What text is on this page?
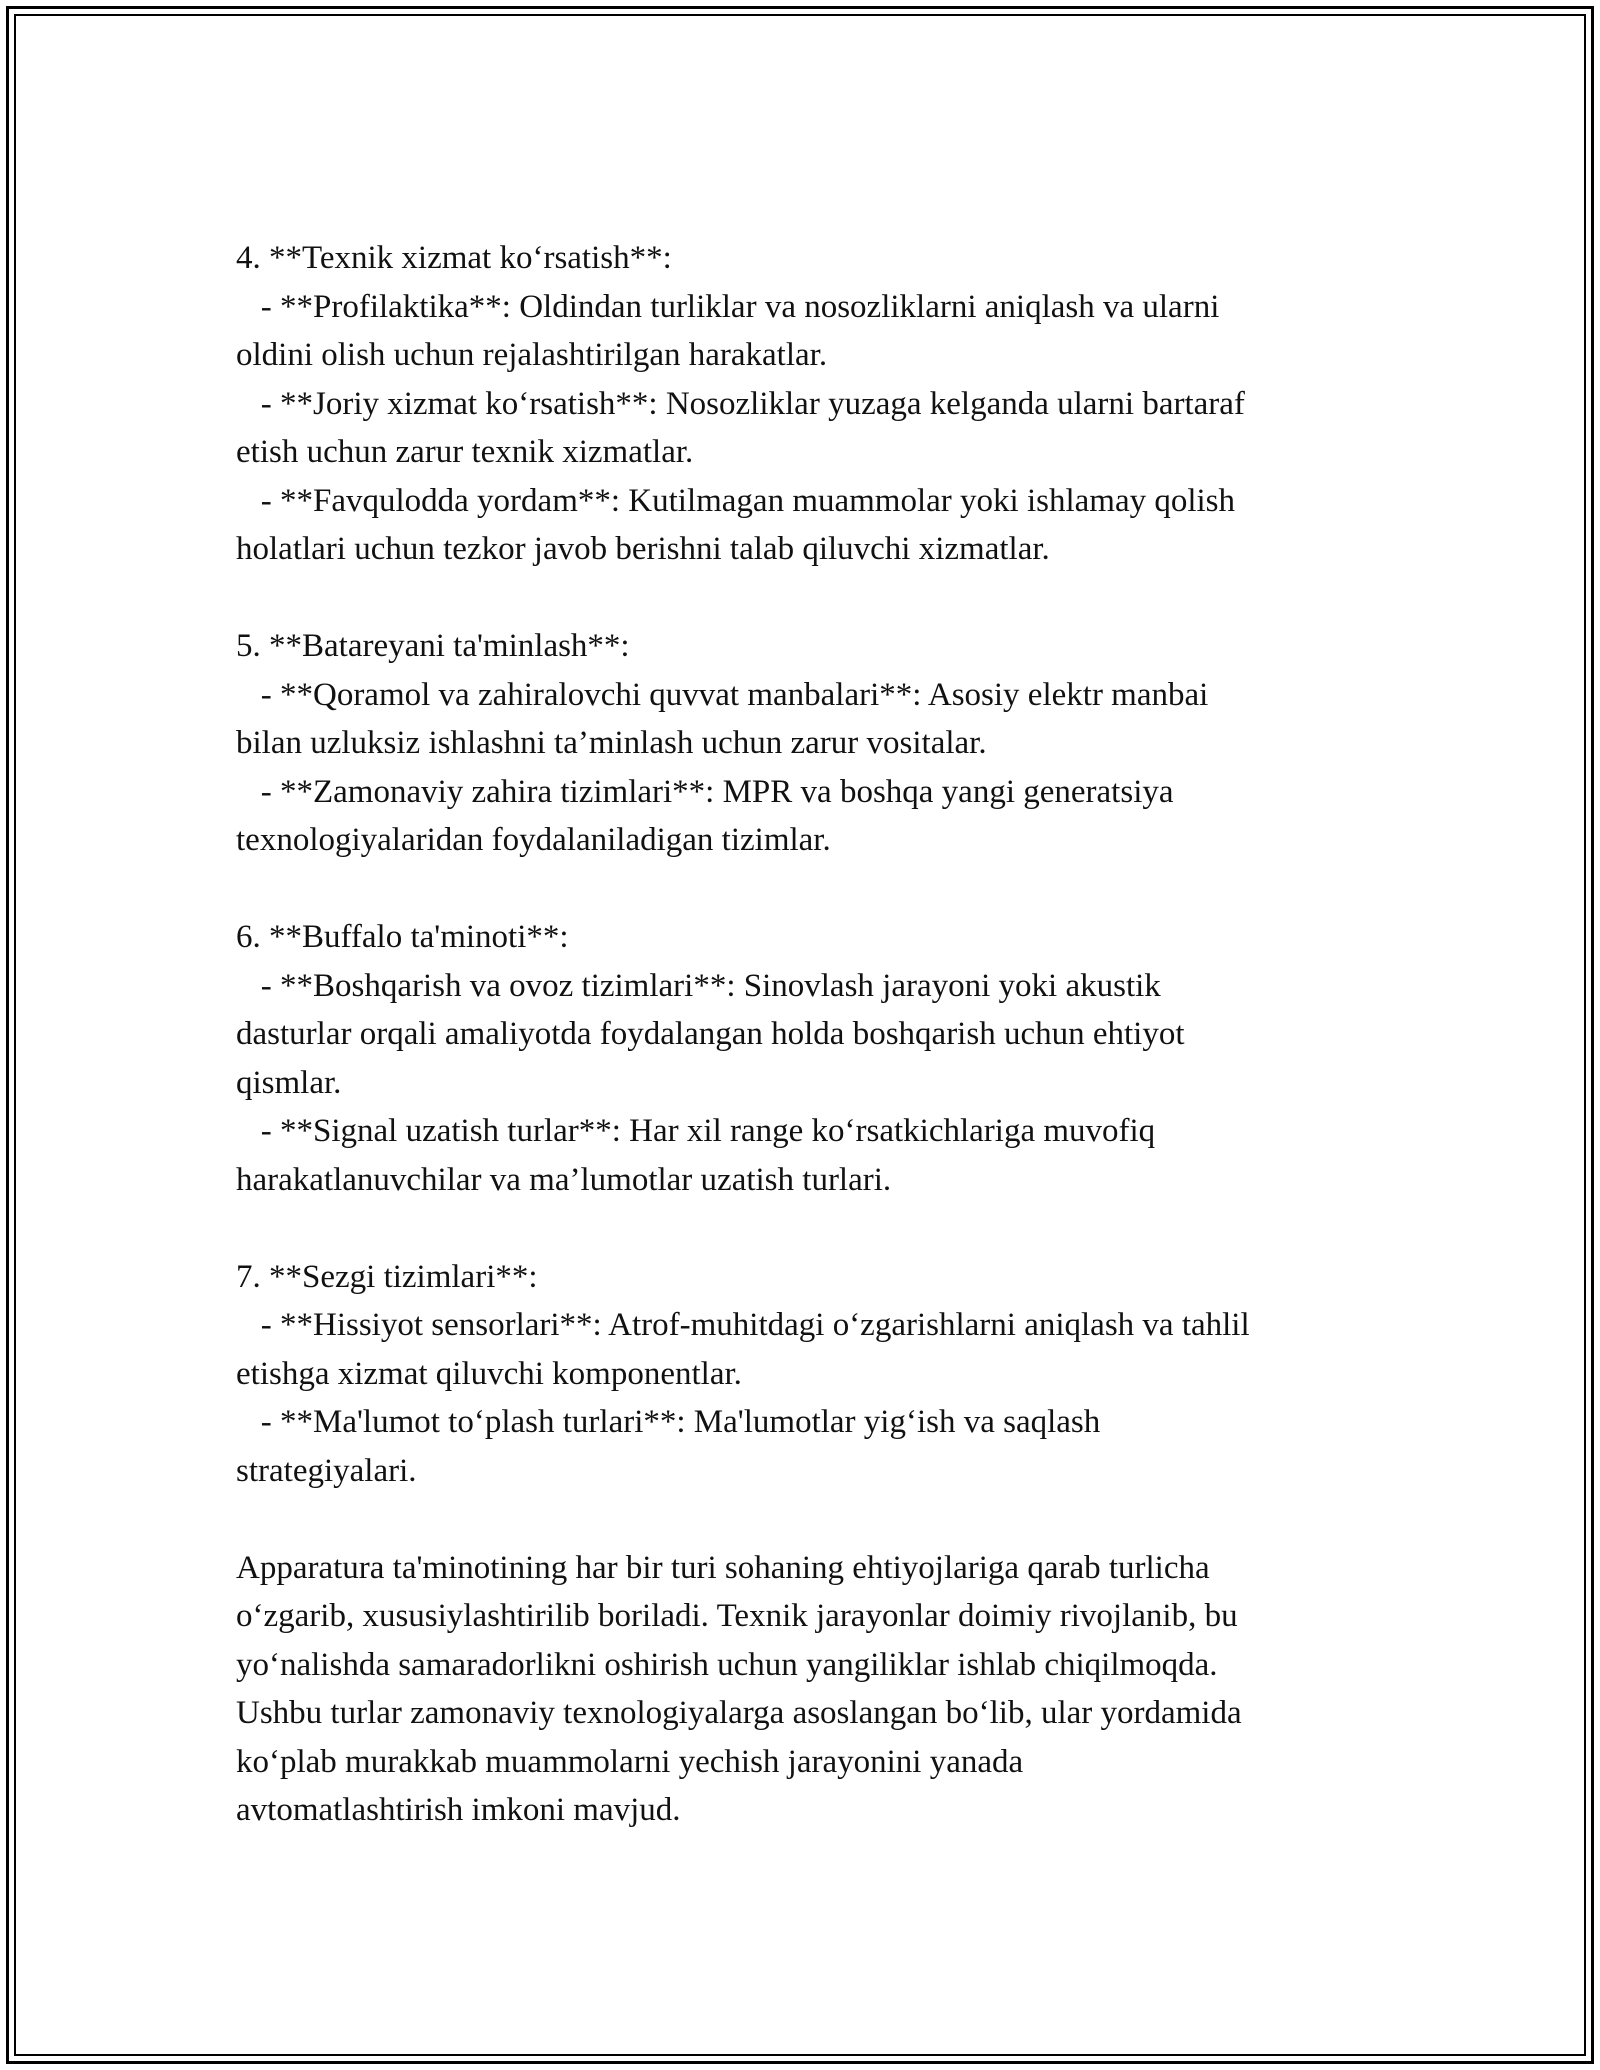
4. **Texnik xizmat ko‘rsatish**:
- **Profilaktika**: Oldindan turliklar va nosozliklarni aniqlash va ularni
oldini olish uchun rejalashtirilgan harakatlar.
- **Joriy xizmat ko‘rsatish**: Nosozliklar yuzaga kelganda ularni bartaraf
etish uchun zarur texnik xizmatlar.
- **Favqulodda yordam**: Kutilmagan muammolar yoki ishlamay qolish
holatlari uchun tezkor javob berishni talab qiluvchi xizmatlar.
5. **Batareyani ta'minlash**:
- **Qoramol va zahiralovchi quvvat manbalari**: Asosiy elektr manbai
bilan uzluksiz ishlashni ta’minlash uchun zarur vositalar.
- **Zamonaviy zahira tizimlari**: MPR va boshqa yangi generatsiya
texnologiyalaridan foydalaniladigan tizimlar.
6. **Buffalo ta'minoti**:
- **Boshqarish va ovoz tizimlari**: Sinovlash jarayoni yoki akustik
dasturlar orqali amaliyotda foydalangan holda boshqarish uchun ehtiyot
qismlar.
- **Signal uzatish turlar**: Har xil range ko‘rsatkichlariga muvofiq
harakatlanuvchilar va ma’lumotlar uzatish turlari.
7. **Sezgi tizimlari**:
- **Hissiyot sensorlari**: Atrof-muhitdagi o‘zgarishlarni aniqlash va tahlil
etishga xizmat qiluvchi komponentlar.
- **Ma'lumot to‘plash turlari**: Ma'lumotlar yig‘ish va saqlash
strategiyalari.
Apparatura ta'minotining har bir turi sohaning ehtiyojlariga qarab turlicha
o‘zgarib, xususiylashtirilib boriladi. Texnik jarayonlar doimiy rivojlanib, bu
yo‘nalishda samaradorlikni oshirish uchun yangiliklar ishlab chiqilmoqda.
Ushbu turlar zamonaviy texnologiyalarga asoslangan bo‘lib, ular yordamida
ko‘plab murakkab muammolarni yechish jarayonini yanada
avtomatlashtirish imkoni mavjud.
